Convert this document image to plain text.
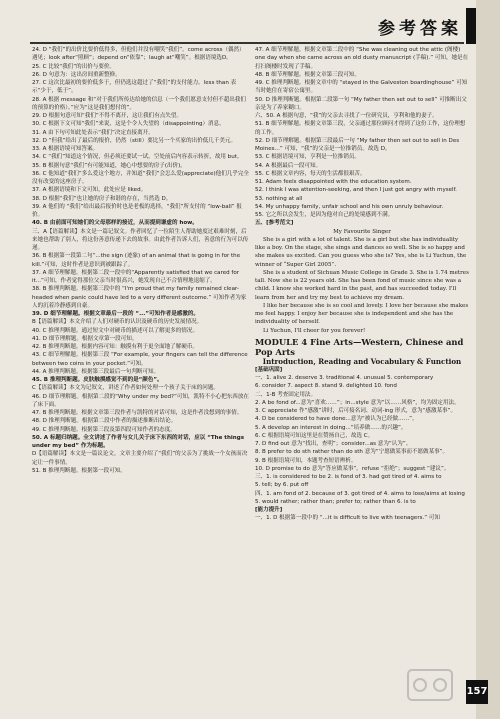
参考答案

24. D “我们”的出价比要价低得多，但他们并没有嘲笑“我们”。come across（偶然）遇见；look after“照顾”；depend on“依靠”；laugh at“嘲笑”。根据语境选D。

25. C 比较“我们”的出价与要价。

26. D 句意为：这出房间重新整修。

27. C 这次比最初的要价低多于，但仍选这超过了“我们”的支付能力。less than 表示“少于，低于”。

28. A 根据 message 和“对于我们所传达给她的信息（一个我们愿意支付但不超出我们的预算的价格）。”应为“这是我们想付的”。

29. D 根据句意可知“我们”不得不离开，这让我们有点失望。

30. C 根据下文可知“我们”来说，这是个令人失望的（disappointing）消息。

31. A 由下句可知此处表示“我们”决定直接离开。

32. D “但我”给出了最后的报价，仍然（still）要比另一个买家的出价低几千美元。

33. A 根据语境可知答案。

34. C “我们”知道这个情况，但必须还要试一试。空处前后内容表示转折，故用 but。

35. B 根据句意“我们”有可能知道，她心中想要的房子(出价)。

36. C 他知道“我们”多么爱这个地方，并知道“我们”会怎么爱(appreciate)他们几乎完全没有改变的这座房子。

37. A 根据语境和下文可知，此处应是 liked。

38. D 根据“我们”也让她的房子和谐的存在，当然选 D。

39. A 他们的 “我们”给出最后报价时也是老板的选择，“我们”所支付的 “low-ball” 报价。

40. B 由前面可知她们的父母那样的接近，从而提到谦虚的 how。

三、A【语篇解读】本文是一篇记叙文。作者回忆了一位陌生人帮助她度过艰难时刻，后来她也帮助了别人，将这份善意传递下去的故事。由此作者告诉人们，善意的行为可以传递。

36. B 根据第一段第二句“...the sign (迹象) of an animal that is going in for the kill.”可知，这时作者是意识到被跟踪了。

37. A 细节理解题。根据第二段一段中的“Apparently satisfied that we cared for it...”可知，作者觉得那位父亲当时很高兴，她发现自己不合情理地退缩了。

38. B 推理判断题。根据第三段中的 “I'm proud that my family remained clear-headed when panic could have led to a very different outcome.” 可知作者为家人的沉着冷静感到自豪。

39. D 细节理解题。根据文章最后一段的 “...”可知作者是感激的。

B【语篇解读】本文介绍了人们对硬币的认识及硬币的历史发展情况。

40. C 推理判断题。通过短文中对硬币的描述可以了解更多的情况。

41. D 细节理解题。根据文章第一段可知。

42. B 推理判断题。根据内容可知：触摸有利于更全面地了解硬币。

43. C 细节理解题。根据第三段 “For example, your fingers can tell the difference between two coins in your pocket.”可知。

44. A 推理判断题。根据第三段最后一句判断可知。

45. B 推理判断题。皮肤触摸感觉不到的是“颜色”。

C【语篇解读】本文为记叙文，讲述了作者如何处理一个孩子关于床的问题。

46. D 细节理解题。根据第二段的“Why under my bed?”可知，凯特不小心把东西放在了床下面。

47. B 推理判断题。根据文章第三段作者与凯特的对话可知，这是作者没想到的事情。

48. D 推理判断题。根据第二段中作者的描述推断出结论。

49. C 推理判断题。根据第三段及第四段可知作者的态度。

50. A 标题归纳题。全文讲述了作者与女儿关于床下东西的对话，应以 “The things under my bed” 作为标题。

D【语篇解读】本文是一篇议论文。文章主要介绍了“我们”的父亲为了挑战一个女孩而决定让一件事情。

51. B 推理判断题。根据第一段可知。

47. A 细节理解题。根据文章第二段中的 “She was cleaning out the attic (阁楼) one day when she came across an old dusty manuscript (手稿).” 可知，她是在打扫阁楼时发现了手稿。

48. B 细节理解题。根据文章第三段可知。

49. C 推理判断题。根据文章中的 “stayed in the Galveston boardinghouse” 可知当时她住在寄宿公寓里。

50. D 推理判断题。根据第二段第一句 “My father then set out to sell” 可推断出父亲是为了养家糊口。

六、50. A 根据句意，“我”的父亲去寻找了一位研究员，亨利和他的妻子。

51. B 细节理解题。根据文章第三段，父亲通过那位顾问才得到了这份工作，这份理想的工作。

52. D 细节理解题。根据第三段最后一句 “My father then set out to sell in Des Moines...” 可知，“我”的父亲是一位推销员。故选 D。

53. C 根据语境可知，亨利是一位推销员。

54. A 根据最后一段可知。

55. C 根据文章内容，每天的生活都很艰苦。

51. Adam feels disappointed with the education system.

52. I think I was attention-seeking, and then I just got angry with myself.

53. nothing at all

54. My unhappy family, unfair school and his own unruly behaviour.

55. 它之所以会发生，是因为他对自己的处境感到不满。

五、[参考范文]

My Favourite Singer

She is a girl with a lot of talent. She is a girl but she has individuality like a boy. On the stage, she sings and dances so well. She is so happy and she makes us excited. Can you guess who she is? Yes, she is Li Yuchun, the winner of “Super Girl 2005”.

She is a student of Sichuan Music College in Grade 3. She is 1.74 metres tall. Now she is 22 years old. She has been fond of music since she was a child. I know she worked hard in the past, and has succeeded today. I'll learn from her and try my best to achieve my dream.

I like her because she is so cool and lovely. I love her because she makes me feel happy. I enjoy her because she is independent and she has the individuality of herself.

Li Yuchun, I'll cheer for you forever!

MODULE 4 Fine Arts—Western, Chinese and Pop Arts

Introduction, Reading and Vocabulary & Function

[基础巩固]

一、1. alive 2. deserve 3. traditional 4. unusual 5. contemporary

6. consider 7. aspect 8. stand 9. delighted 10. fond

二、1-B 考查固定用法。

2. A be fond of...意为“喜欢……”；in...style 意为“以……风格”，均为固定用法。

3. C appreciate 作“感激”讲时，后可接名词、动词-ing 形式，意为“感激某事”。

4. D be considered to have done...意为“被认为已经做……”。

5. A develop an interest in doing...“培养做……的兴趣”。

6. C 根据语境可知这里是在赞扬自己，故选 C。

7. D find out 意为“找出，查明”；consider...as 意为“认为”。

8. B prefer to do sth rather than do sth 意为“宁愿做某事而不愿做某事”。

9. B 根据语境可知，本题考查短语辨析。

10. D promise to do 意为“答应做某事”。refuse “拒绝”；suggest “建议”。

三、1. is considered to be 2. is fond of 3. had got tired of 4. aims to

5. tell; by 6. put off

四、1. am fond of 2. because of 3. got tired of 4. aims to lose/aims at losing

5. would rather; rather than; prefer to; rather than 6. is to

[能力提升]

一、1. D 根据第一段中的 “...it is difficult to live with teenagers.” 可知

157
